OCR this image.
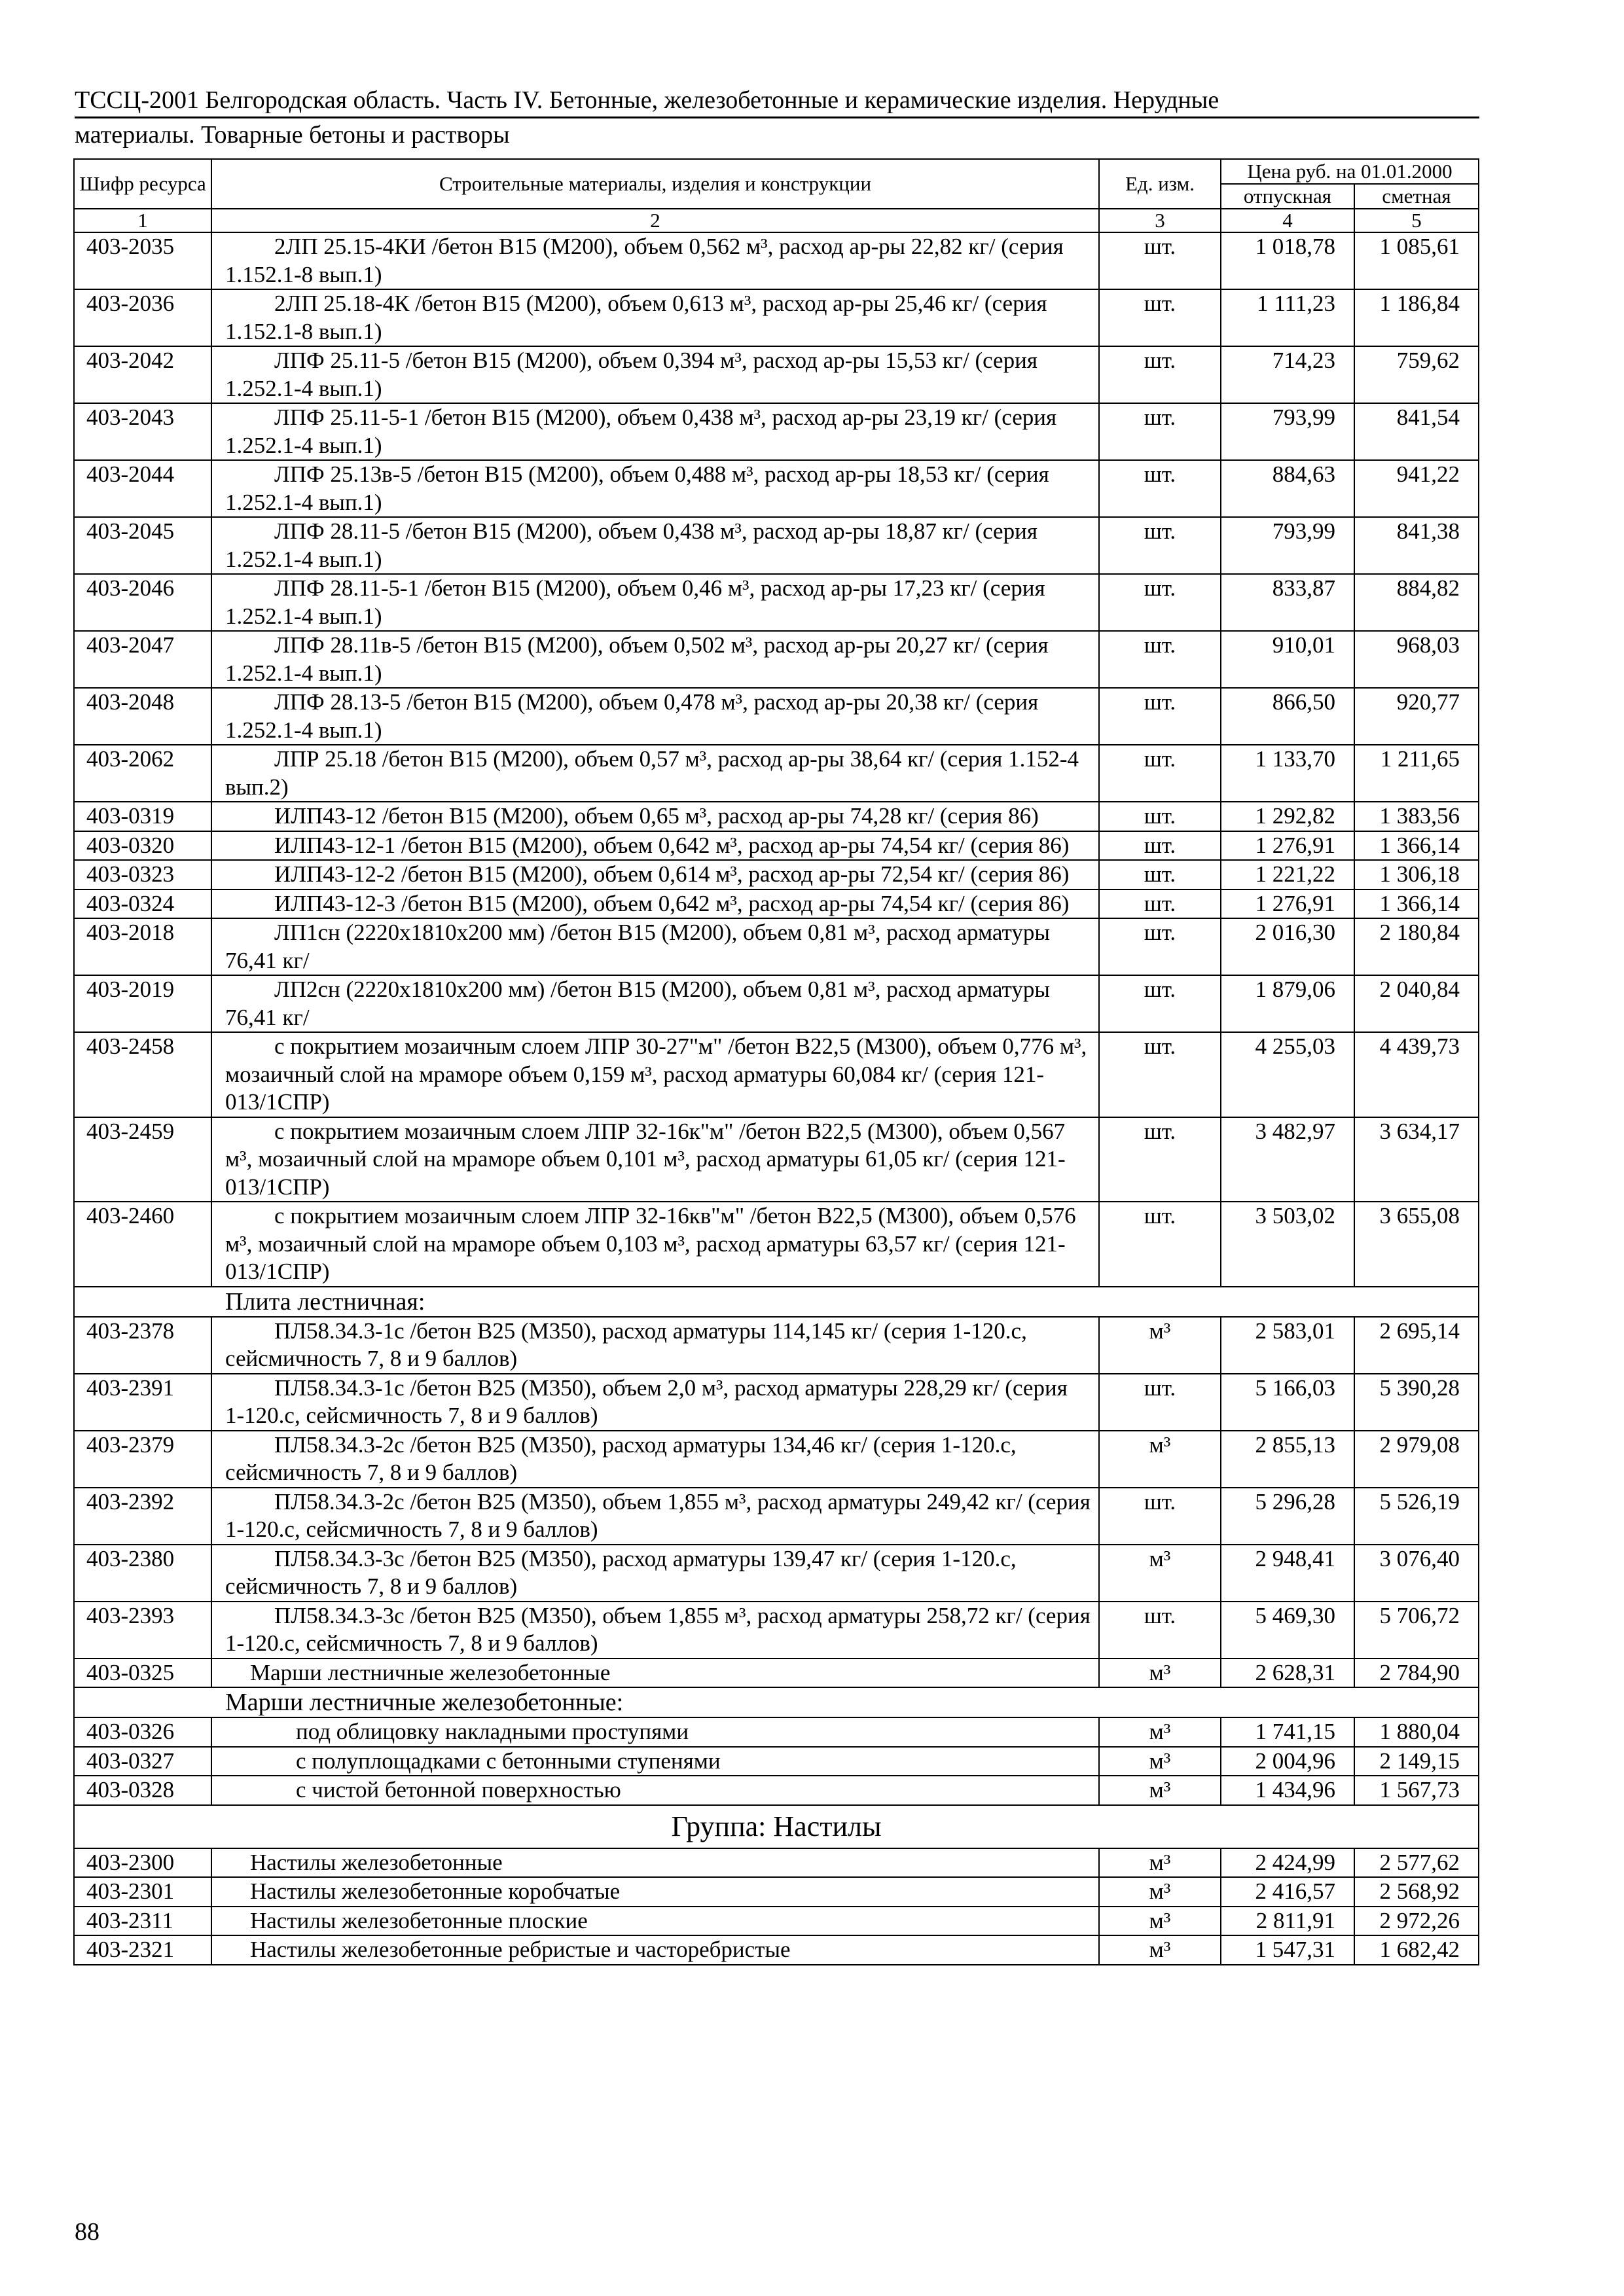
ТССЦ-2001 Белгородская область. Часть IV. Бетонные, железобетонные и керамические изделия. Нерудные
материалы. Товарные бетоны и растворы
Шифр ресурса	Строительные материалы, изделия и конструкции	Ед. изм.	Цена руб. на 01.01.2000	
			отпускная	сметная
1	2	3	4	5
403-2035	2ЛП 25.15-4КИ /бетон В15 (М200), объем 0,562 м³, расход ар-ры 22,82 кг/ (серия 1.152.1-8 вып.1)	шт.	1 018,78	1 085,61
403-2036	2ЛП 25.18-4К /бетон В15 (М200), объем 0,613 м³, расход ар-ры 25,46 кг/ (серия 1.152.1-8 вып.1)	шт.	1 111,23	1 186,84
403-2042	ЛПФ 25.11-5 /бетон В15 (М200), объем 0,394 м³, расход ар-ры 15,53 кг/ (серия 1.252.1-4 вып.1)	шт.	714,23	759,62
403-2043	ЛПФ 25.11-5-1 /бетон В15 (М200), объем 0,438 м³, расход ар-ры 23,19 кг/ (серия 1.252.1-4 вып.1)	шт.	793,99	841,54
403-2044	ЛПФ 25.13в-5 /бетон В15 (М200), объем 0,488 м³, расход ар-ры 18,53 кг/ (серия 1.252.1-4 вып.1)	шт.	884,63	941,22
403-2045	ЛПФ 28.11-5 /бетон В15 (М200), объем 0,438 м³, расход ар-ры 18,87 кг/ (серия 1.252.1-4 вып.1)	шт.	793,99	841,38
403-2046	ЛПФ 28.11-5-1 /бетон В15 (М200), объем 0,46 м³, расход ар-ры 17,23 кг/ (серия 1.252.1-4 вып.1)	шт.	833,87	884,82
403-2047	ЛПФ 28.11в-5 /бетон В15 (М200), объем 0,502 м³, расход ар-ры 20,27 кг/ (серия 1.252.1-4 вып.1)	шт.	910,01	968,03
403-2048	ЛПФ 28.13-5 /бетон В15 (М200), объем 0,478 м³, расход ар-ры 20,38 кг/ (серия 1.252.1-4 вып.1)	шт.	866,50	920,77
403-2062	ЛПР 25.18 /бетон В15 (М200), объем 0,57 м³, расход ар-ры 38,64 кг/ (серия 1.152-4 вып.2)	шт.	1 133,70	1 211,65
403-0319	ИЛП43-12 /бетон В15 (М200), объем 0,65 м³, расход ар-ры 74,28 кг/ (серия 86)	шт.	1 292,82	1 383,56
403-0320	ИЛП43-12-1 /бетон В15 (М200), объем 0,642 м³, расход ар-ры 74,54 кг/ (серия 86)	шт.	1 276,91	1 366,14
403-0323	ИЛП43-12-2 /бетон В15 (М200), объем 0,614 м³, расход ар-ры 72,54 кг/ (серия 86)	шт.	1 221,22	1 306,18
403-0324	ИЛП43-12-3 /бетон В15 (М200), объем 0,642 м³, расход ар-ры 74,54 кг/ (серия 86)	шт.	1 276,91	1 366,14
403-2018	ЛП1сн (2220х1810х200 мм) /бетон В15 (М200), объем 0,81 м³, расход арматуры 76,41 кг/	шт.	2 016,30	2 180,84
403-2019	ЛП2сн (2220х1810х200 мм) /бетон В15 (М200), объем 0,81 м³, расход арматуры 76,41 кг/	шт.	1 879,06	2 040,84
403-2458	с покрытием мозаичным слоем ЛПР 30-27"м" /бетон В22,5 (М300), объем 0,776 м³, мозаичный слой на мраморе объем 0,159 м³, расход арматуры 60,084 кг/ (серия 121-013/1СПР)	шт.	4 255,03	4 439,73
403-2459	с покрытием мозаичным слоем ЛПР 32-16к"м" /бетон В22,5 (М300), объем 0,567 м³, мозаичный слой на мраморе объем 0,101 м³, расход арматуры 61,05 кг/ (серия 121-013/1СПР)	шт.	3 482,97	3 634,17
403-2460	с покрытием мозаичным слоем ЛПР 32-16кв"м" /бетон В22,5 (М300), объем 0,576 м³, мозаичный слой на мраморе объем 0,103 м³, расход арматуры 63,57 кг/ (серия 121-013/1СПР)	шт.	3 503,02	3 655,08

Плита лестничная:				

403-2378	ПЛ58.34.3-1с /бетон В25 (М350), расход арматуры 114,145 кг/ (серия 1-120.с, сейсмичность 7, 8 и 9 баллов)	м³	2 583,01	2 695,14
403-2391	ПЛ58.34.3-1с /бетон В25 (М350), объем 2,0 м³, расход арматуры 228,29 кг/ (серия 1-120.с, сейсмичность 7, 8 и 9 баллов)	шт.	5 166,03	5 390,28
403-2379	ПЛ58.34.3-2с /бетон В25 (М350), расход арматуры 134,46 кг/ (серия 1-120.с, сейсмичность 7, 8 и 9 баллов)	м³	2 855,13	2 979,08
403-2392	ПЛ58.34.3-2с /бетон В25 (М350), объем 1,855 м³, расход арматуры 249,42 кг/ (серия 1-120.с, сейсмичность 7, 8 и 9 баллов)	шт.	5 296,28	5 526,19
403-2380	ПЛ58.34.3-3с /бетон В25 (М350), расход арматуры 139,47 кг/ (серия 1-120.с, сейсмичность 7, 8 и 9 баллов)	м³	2 948,41	3 076,40
403-2393	ПЛ58.34.3-3с /бетон В25 (М350), объем 1,855 м³, расход арматуры 258,72 кг/ (серия 1-120.с, сейсмичность 7, 8 и 9 баллов)	шт.	5 469,30	5 706,72
403-0325	Марши лестничные железобетонные	м³	2 628,31	2 784,90

Марши лестничные железобетонные:				

403-0326	под облицовку накладными проступями	м³	1 741,15	1 880,04
403-0327	с полуплощадками с бетонными ступенями	м³	2 004,96	2 149,15
403-0328	с чистой бетонной поверхностью	м³	1 434,96	1 567,73
Группа: Настилы				
403-2300	Настилы железобетонные	м³	2 424,99	2 577,62
403-2301	Настилы железобетонные коробчатые	м³	2 416,57	2 568,92
403-2311	Настилы железобетонные плоские	м³	2 811,91	2 972,26
403-2321	Настилы железобетонные ребристые и часторебристые	м³	1 547,31	1 682,42
88
